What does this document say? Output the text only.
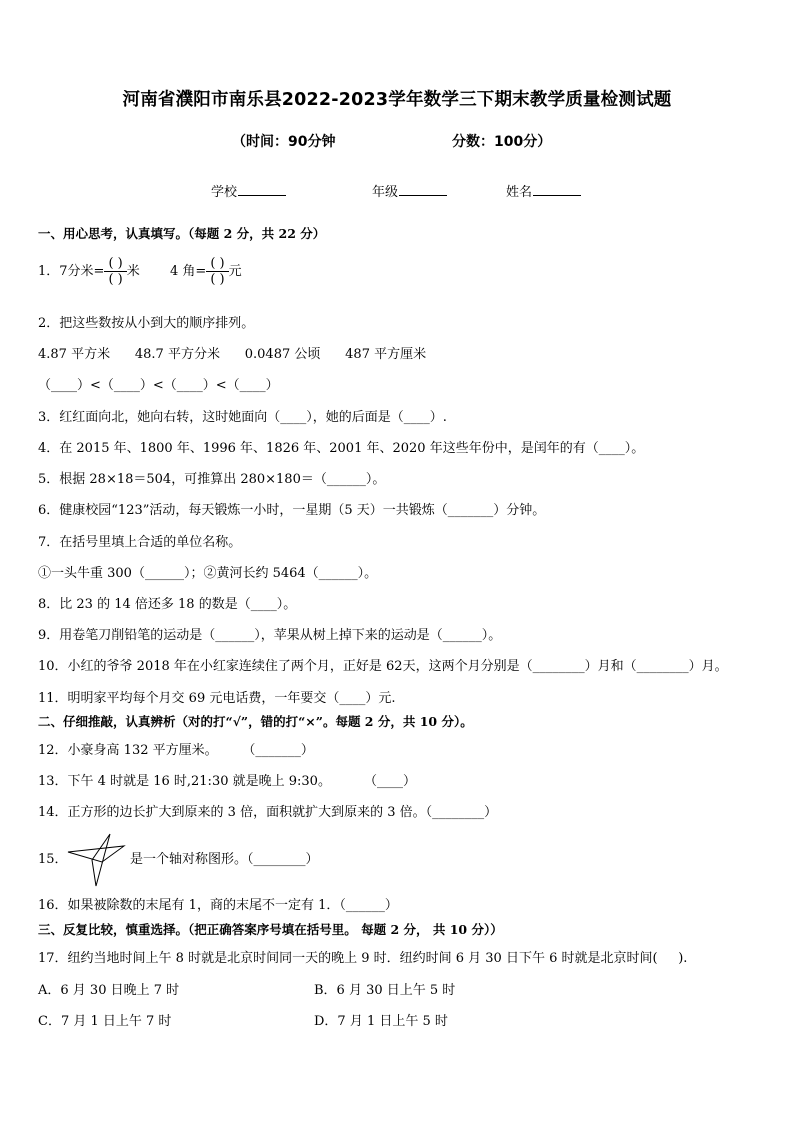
河南省濮阳市南乐县2022-2023学年数学三下期末教学质量检测试题
（时间：90分钟	分数：100分）
学校	年级	姓名
一、用心思考，认真填写。（每题 2 分，共 22 分）
1．7分米= $\frac{( )}{( )}$ 米 4 角= $\frac{( )}{( )}$ 元
2．把这些数按从小到大的顺序排列。
4.87 平方米      48.7 平方分米      0.0487 公顷      487 平方厘米
（____）<（____）<（____）<（____）
3．红红面向北，她向右转，这时她面向（____），她的后面是（____）.
4．在 2015 年、1800 年、1996 年、1826 年、2001 年、2020 年这些年份中，是闰年的有（____）。
5．根据 28×18＝504，可推算出 280×180＝（______）。
6．健康校园“123”活动，每天锻炼一小时，一星期（5 天）一共锻炼（_______）分钟。
7．在括号里填上合适的单位名称。
①一头牛重 300（______）；②黄河长约 5464（______）。
8．比 23 的 14 倍还多 18 的数是（____）。
9．用卷笔刀削铅笔的运动是（______），苹果从树上掉下来的运动是（______）。
10．小红的爷爷 2018 年在小红家连续住了两个月，正好是 62天，这两个月分别是（________）月和（________）月。
11．明明家平均每个月交 69 元电话费，一年要交（____）元.
二、仔细推敲，认真辨析（对的打“√”，错的打“×”。每题 2 分，共 10 分）。
12．小豪身高 132 平方厘米。      （_______）
13．下午 4 时就是 16 时,21:30 就是晚上 9:30。        （____）
14．正方形的边长扩大到原来的 3 倍，面积就扩大到原来的 3 倍。（________）
15．	是一个轴对称图形。（________）
16．如果被除数的末尾有 1，商的末尾不一定有 1．（______）
三、反复比较，慎重选择。（把正确答案序号填在括号里。 每题 2 分， 共 10 分））
17．纽约当地时间上午 8 时就是北京时间同一天的晚上 9 时．纽约时间 6 月 30 日下午 6 时就是北京时间(     ).
A．6 月 30 日晚上 7 时	B．6 月 30 日上午 5 时
C．7 月 1 日上午 7 时	D．7 月 1 日上午 5 时
